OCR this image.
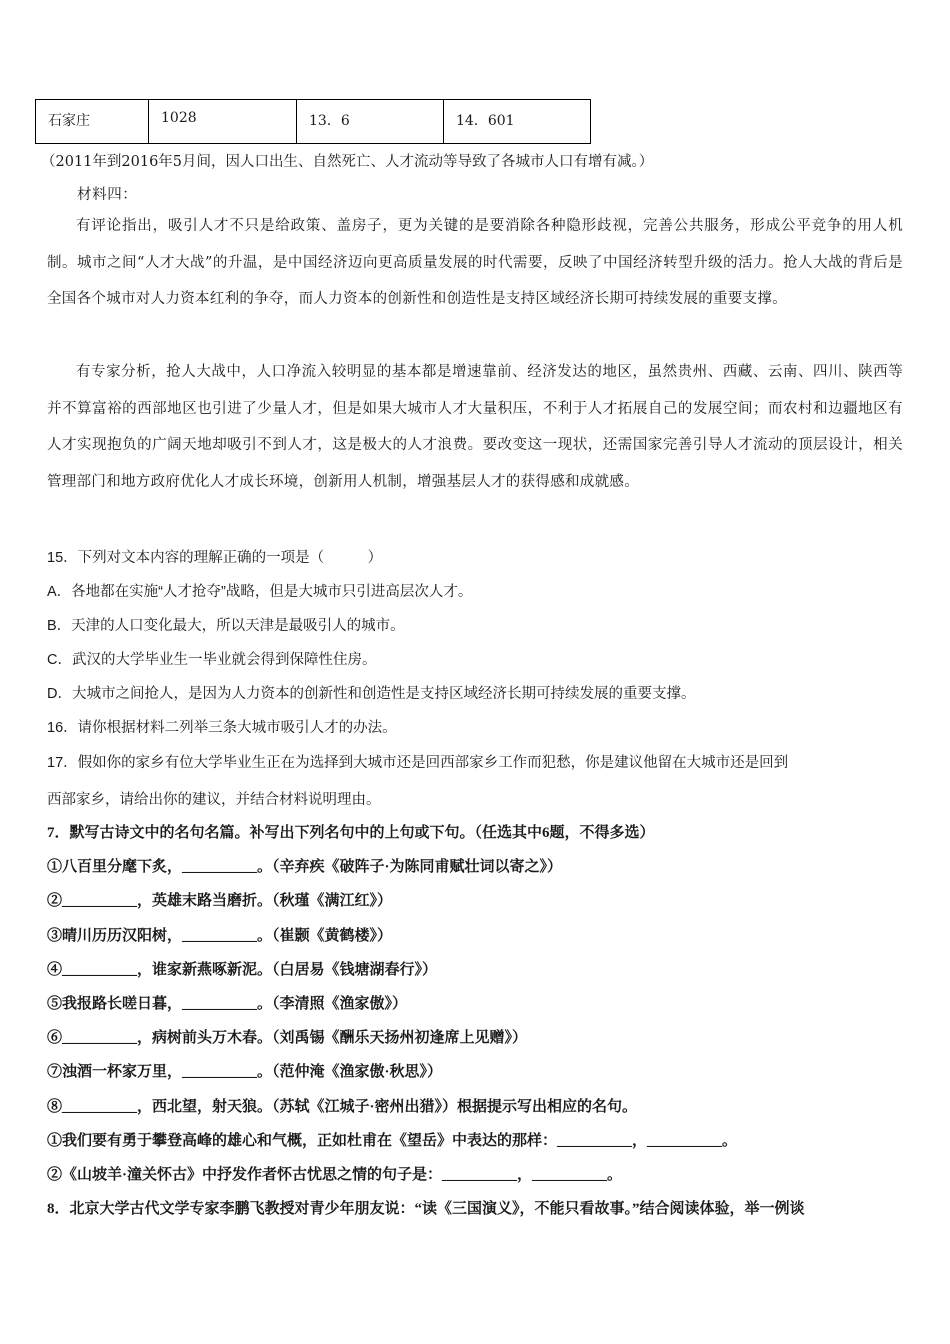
石家庄	1028	13．6	14．601
（2011年到2016年5月间，因人口出生、自然死亡、人才流动等导致了各城市人口有增有减。）
材料四：
有评论指出，吸引人才不只是给政策、盖房子，更为关键的是要消除各种隐形歧视，完善公共服务，形成公平竞争的用人机制。城市之间“人才大战”的升温，是中国经济迈向更高质量发展的时代需要，反映了中国经济转型升级的活力。抢人大战的背后是全国各个城市对人力资本红利的争夺，而人力资本的创新性和创造性是支持区域经济长期可持续发展的重要支撑。
有专家分析，抢人大战中，人口净流入较明显的基本都是增速靠前、经济发达的地区，虽然贵州、西藏、云南、四川、陕西等并不算富裕的西部地区也引进了少量人才，但是如果大城市人才大量积压，不利于人才拓展自己的发展空间；而农村和边疆地区有人才实现抱负的广阔天地却吸引不到人才，这是极大的人才浪费。要改变这一现状，还需国家完善引导人才流动的顶层设计，相关管理部门和地方政府优化人才成长环境，创新用人机制，增强基层人才的获得感和成就感。
15．下列对文本内容的理解正确的一项是（　　　）
A．各地都在实施“人才抢夺”战略，但是大城市只引进高层次人才。
B．天津的人口变化最大，所以天津是最吸引人的城市。
C．武汉的大学毕业生一毕业就会得到保障性住房。
D．大城市之间抢人，是因为人力资本的创新性和创造性是支持区域经济长期可持续发展的重要支撑。
16．请你根据材料二列举三条大城市吸引人才的办法。
17．假如你的家乡有位大学毕业生正在为选择到大城市还是回西部家乡工作而犯愁，你是建议他留在大城市还是回到
西部家乡，请给出你的建议，并结合材料说明理由。
7．默写古诗文中的名句名篇。补写出下列名句中的上句或下句。（任选其中6题，不得多选）
①八百里分麾下炙，__________。（辛弃疾《破阵子·为陈同甫赋壮词以寄之》）
②__________，英雄末路当磨折。（秋瑾《满江红》）
③晴川历历汉阳树，__________。（崔颢《黄鹤楼》）
④__________，谁家新燕啄新泥。（白居易《钱塘湖春行》）
⑤我报路长嗟日暮，__________。（李清照《渔家傲》）
⑥__________，病树前头万木春。（刘禹锡《酬乐天扬州初逢席上见赠》）
⑦浊酒一杯家万里，__________。（范仲淹《渔家傲·秋思》）
⑧__________，西北望，射天狼。（苏轼《江城子·密州出猎》）根据提示写出相应的名句。
①我们要有勇于攀登高峰的雄心和气概，正如杜甫在《望岳》中表达的那样：__________，__________。
②《山坡羊·潼关怀古》中抒发作者怀古忧思之情的句子是：__________，__________。
8．北京大学古代文学专家李鹏飞教授对青少年朋友说：“读《三国演义》，不能只看故事。”结合阅读体验，举一例谈
